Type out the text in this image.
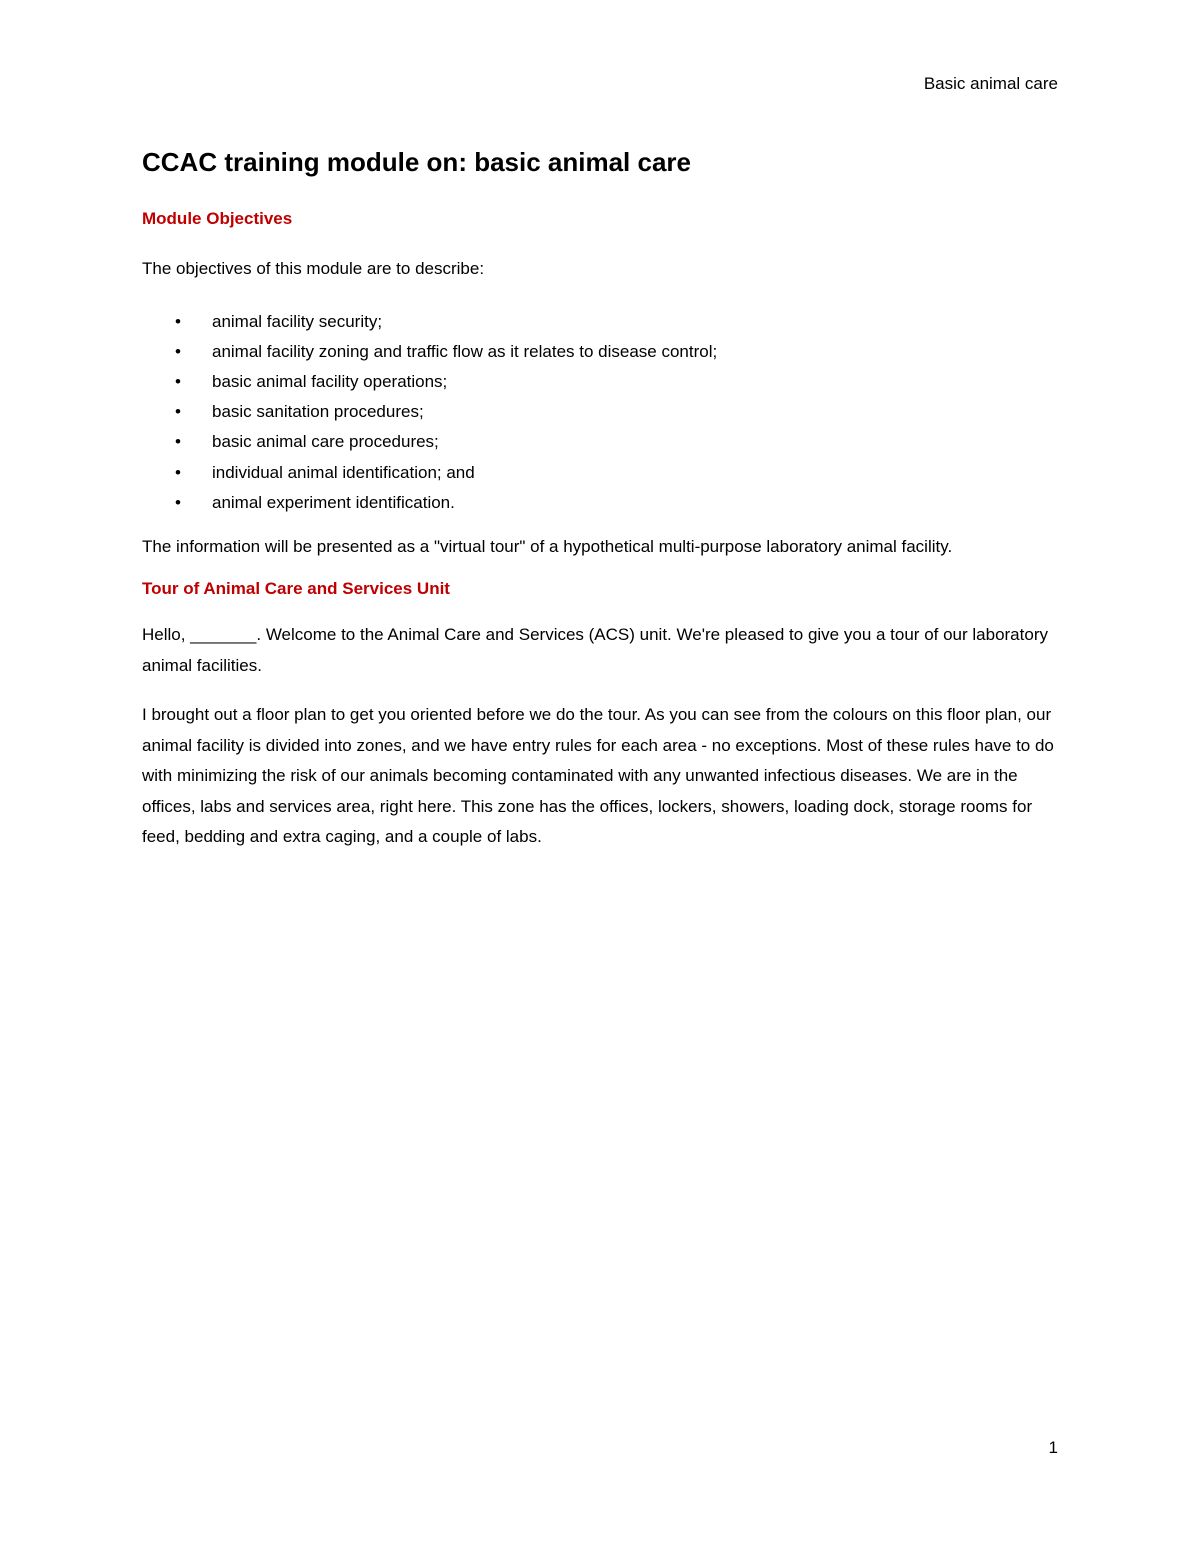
Basic animal care
CCAC training module on: basic animal care
Module Objectives

The objectives of this module are to describe:

• animal facility security;
• animal facility zoning and traffic flow as it relates to disease control;
• basic animal facility operations;
• basic sanitation procedures;
• basic animal care procedures;
• individual animal identification; and
• animal experiment identification.

The information will be presented as a "virtual tour" of a hypothetical multi-purpose laboratory animal facility.

Tour of Animal Care and Services Unit

Hello, _______. Welcome to the Animal Care and Services (ACS) unit. We're pleased to give you a tour of our laboratory animal facilities.

I brought out a floor plan to get you oriented before we do the tour. As you can see from the colours on this floor plan, our animal facility is divided into zones, and we have entry rules for each area - no exceptions. Most of these rules have to do with minimizing the risk of our animals becoming contaminated with any unwanted infectious diseases. We are in the offices, labs and services area, right here. This zone has the offices, lockers, showers, loading dock, storage rooms for feed, bedding and extra caging, and a couple of labs.

1
